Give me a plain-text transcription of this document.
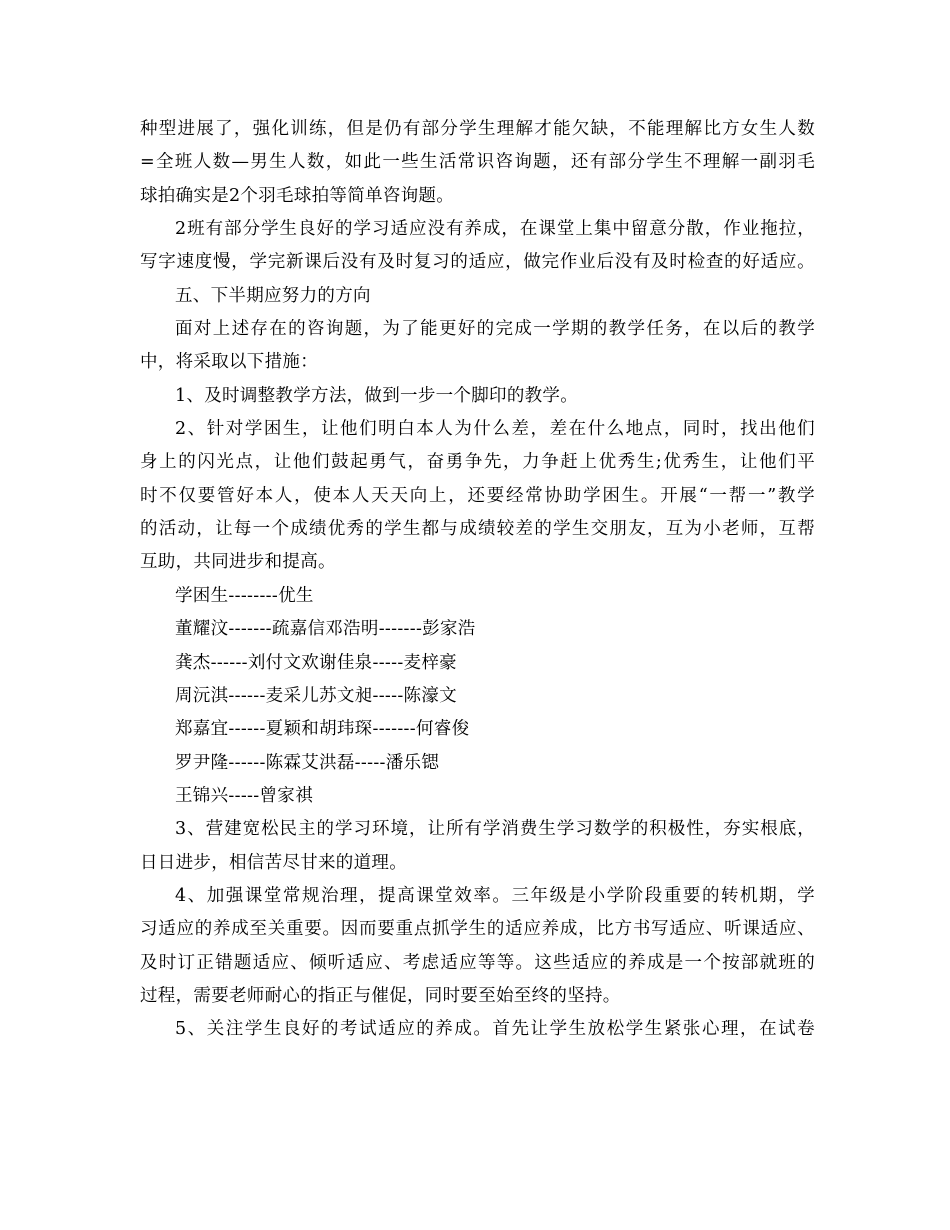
种型进展了，强化训练，但是仍有部分学生理解才能欠缺，不能理解比方女生人数
=全班人数—男生人数，如此一些生活常识咨询题，还有部分学生不理解一副羽毛
球拍确实是2个羽毛球拍等简单咨询题。
2班有部分学生良好的学习适应没有养成，在课堂上集中留意分散，作业拖拉，
写字速度慢，学完新课后没有及时复习的适应，做完作业后没有及时检查的好适应。
五、下半期应努力的方向
面对上述存在的咨询题，为了能更好的完成一学期的教学任务，在以后的教学
中，将采取以下措施：
1、及时调整教学方法，做到一步一个脚印的教学。
2、针对学困生，让他们明白本人为什么差，差在什么地点，同时，找出他们
身上的闪光点，让他们鼓起勇气，奋勇争先，力争赶上优秀生;优秀生，让他们平
时不仅要管好本人，使本人天天向上，还要经常协助学困生。开展“一帮一”教学
的活动，让每一个成绩优秀的学生都与成绩较差的学生交朋友，互为小老师，互帮
互助，共同进步和提高。
学困生--------优生
董耀汶-------疏嘉信邓浩明-------彭家浩
龚杰------刘付文欢谢佳泉-----麦梓豪
周沅淇------麦采儿苏文昶-----陈濠文
郑嘉宜------夏颖和胡玮琛-------何睿俊
罗尹隆------陈霖艾洪磊-----潘乐锶
王锦兴-----曾家祺
3、营建宽松民主的学习环境，让所有学消费生学习数学的积极性，夯实根底，
日日进步，相信苦尽甘来的道理。
4、加强课堂常规治理，提高课堂效率。三年级是小学阶段重要的转机期，学
习适应的养成至关重要。因而要重点抓学生的适应养成，比方书写适应、听课适应、
及时订正错题适应、倾听适应、考虑适应等等。这些适应的养成是一个按部就班的
过程，需要老师耐心的指正与催促，同时要至始至终的坚持。
5、关注学生良好的考试适应的养成。首先让学生放松学生紧张心理，在试卷
